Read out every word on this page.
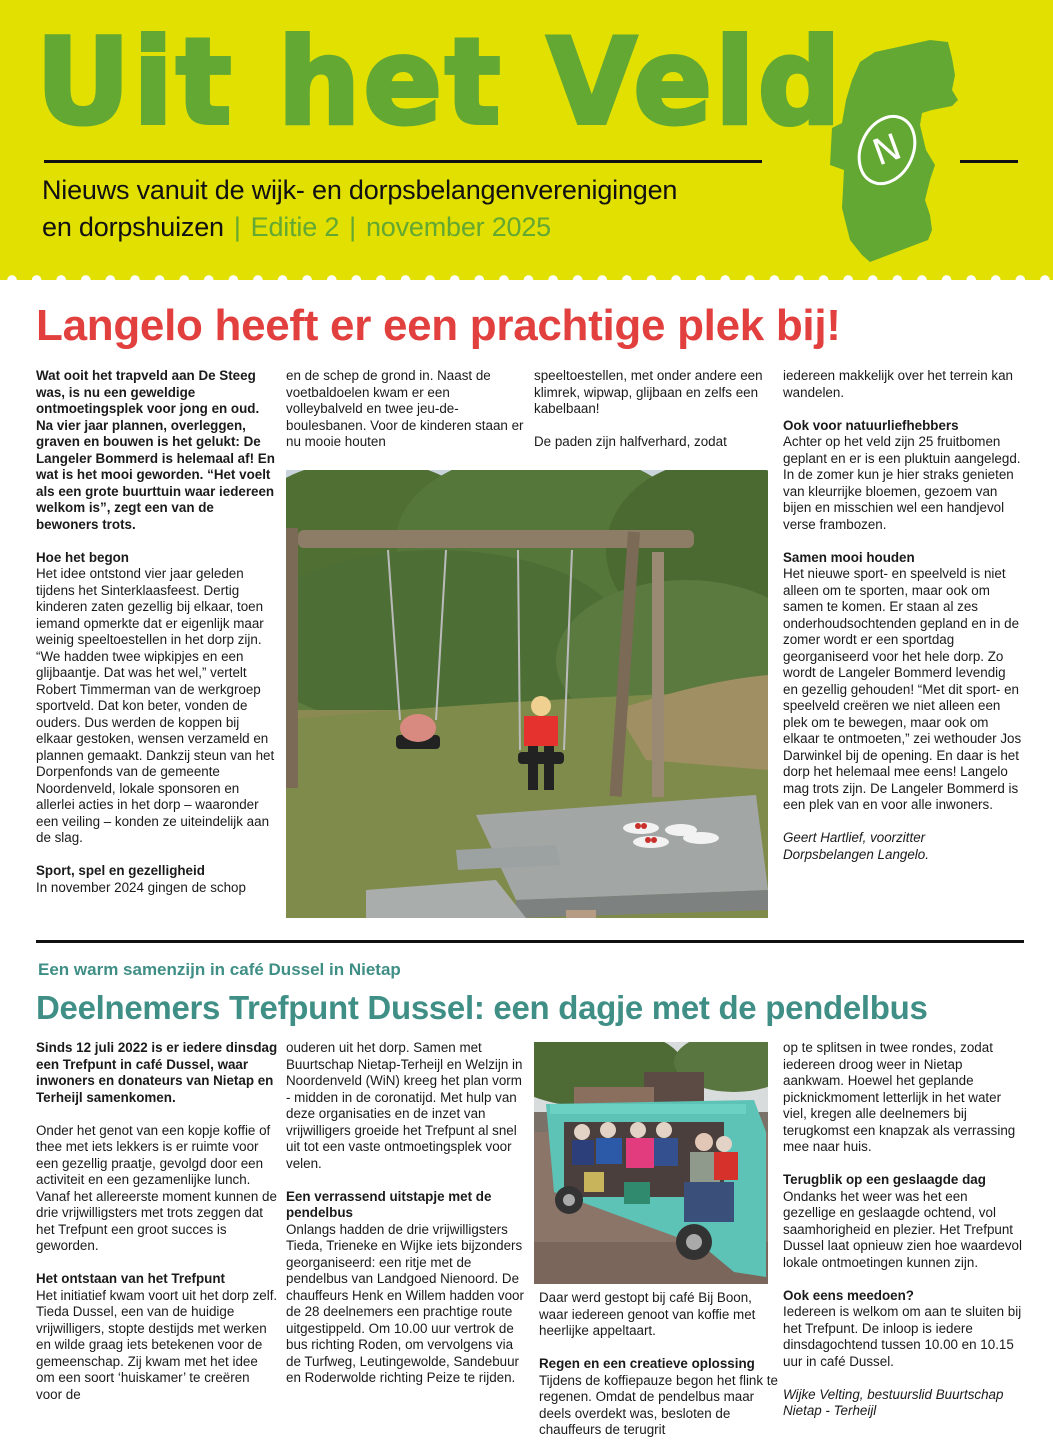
Uit het Veld
Nieuws vanuit de wijk- en dorpsbelangenverenigingen
en dorpshuizen | Editie 2 | november 2025
N
Langelo heeft er een prachtige plek bij!

Wat ooit het trapveld aan De Steeg was, is nu een geweldige ontmoetingsplek voor jong en oud. Na vier jaar plannen, overleggen, graven en bouwen is het gelukt: De Langeler Bommerd is helemaal af! En wat is het mooi geworden. “Het voelt als een grote buurttuin waar iedereen welkom is”, zegt een van de bewoners trots.

Hoe het begon

Het idee ontstond vier jaar geleden tijdens het Sinterklaasfeest. Dertig kinderen zaten gezellig bij elkaar, toen iemand opmerkte dat er eigenlijk maar weinig speeltoestellen in het dorp zijn. “We hadden twee wipkipjes en een glijbaantje. Dat was het wel,” vertelt Robert Timmerman van de werkgroep sportveld. Dat kon beter, vonden de ouders. Dus werden de koppen bij elkaar gestoken, wensen verzameld en plannen gemaakt. Dankzij steun van het Dorpenfonds van de gemeente Noordenveld, lokale sponsoren en allerlei acties in het dorp – waaronder een veiling – konden ze uiteindelijk aan de slag.

Sport, spel en gezelligheid

In november 2024 gingen de schop

en de schep de grond in. Naast de voetbaldoelen kwam er een volleybalveld en twee jeu-de-boulesbanen. Voor de kinderen staan er nu mooie houten

speeltoestellen, met onder andere een klimrek, wipwap, glijbaan en zelfs een kabelbaan!

De paden zijn halfverhard, zodat

iedereen makkelijk over het terrein kan wandelen.

Ook voor natuurliefhebbers

Achter op het veld zijn 25 fruitbomen geplant en er is een pluktuin aangelegd. In de zomer kun je hier straks genieten van kleurrijke bloemen, gezoem van bijen en misschien wel een handjevol verse frambozen.

Samen mooi houden

Het nieuwe sport- en speelveld is niet alleen om te sporten, maar ook om samen te komen. Er staan al zes onderhoudsochtenden gepland en in de zomer wordt er een sportdag georganiseerd voor het hele dorp. Zo wordt de Langeler Bommerd levendig en gezellig gehouden! “Met dit sport- en speelveld creëren we niet alleen een plek om te bewegen, maar ook om elkaar te ontmoeten,” zei wethouder Jos Darwinkel bij de opening. En daar is het dorp het helemaal mee eens! Langelo mag trots zijn. De Langeler Bommerd is een plek van en voor alle inwoners.

Geert Hartlief, voorzitter
Dorpsbelangen Langelo.
Een warm samenzijn in café Dussel in Nietap
Deelnemers Trefpunt Dussel: een dagje met de pendelbus

Sinds 12 juli 2022 is er iedere dinsdag een Trefpunt in café Dussel, waar inwoners en donateurs van Nietap en Terheijl samenkomen.

Onder het genot van een kopje koffie of thee met iets lekkers is er ruimte voor een gezellig praatje, gevolgd door een activiteit en een gezamenlijke lunch. Vanaf het allereerste moment kunnen de drie vrijwilligsters met trots zeggen dat het Trefpunt een groot succes is geworden.

Het ontstaan van het Trefpunt

Het initiatief kwam voort uit het dorp zelf. Tieda Dussel, een van de huidige vrijwilligers, stopte destijds met werken en wilde graag iets betekenen voor de gemeenschap. Zij kwam met het idee om een soort ‘huiskamer’ te creëren voor de

ouderen uit het dorp. Samen met Buurtschap Nietap-Terheijl en Welzijn in Noordenveld (WiN) kreeg het plan vorm - midden in de coronatijd. Met hulp van deze organisaties en de inzet van vrijwilligers groeide het Trefpunt al snel uit tot een vaste ontmoetingsplek voor velen.

Een verrassend uitstapje met de pendelbus

Onlangs hadden de drie vrijwilligsters Tieda, Trieneke en Wijke iets bijzonders georganiseerd: een ritje met de pendelbus van Landgoed Nienoord. De chauffeurs Henk en Willem hadden voor de 28 deelnemers een prachtige route uitgestippeld. Om 10.00 uur vertrok de bus richting Roden, om vervolgens via de Turfweg, Leutingewolde, Sandebuur en Roderwolde richting Peize te rijden.

Daar werd gestopt bij café Bij Boon, waar iedereen genoot van koffie met heerlijke appeltaart.

Regen en een creatieve oplossing

Tijdens de koffiepauze begon het flink te regenen. Omdat de pendelbus maar deels overdekt was, besloten de chauffeurs de terugrit

op te splitsen in twee rondes, zodat iedereen droog weer in Nietap aankwam. Hoewel het geplande picknickmoment letterlijk in het water viel, kregen alle deelnemers bij terugkomst een knapzak als verrassing mee naar huis.

Terugblik op een geslaagde dag

Ondanks het weer was het een gezellige en geslaagde ochtend, vol saamhorigheid en plezier. Het Trefpunt Dussel laat opnieuw zien hoe waardevol lokale ontmoetingen kunnen zijn.

Ook eens meedoen?

Iedereen is welkom om aan te sluiten bij het Trefpunt. De inloop is iedere dinsdagochtend tussen 10.00 en 10.15 uur in café Dussel.

Wijke Velting, bestuurslid Buurtschap
Nietap - Terheijl
